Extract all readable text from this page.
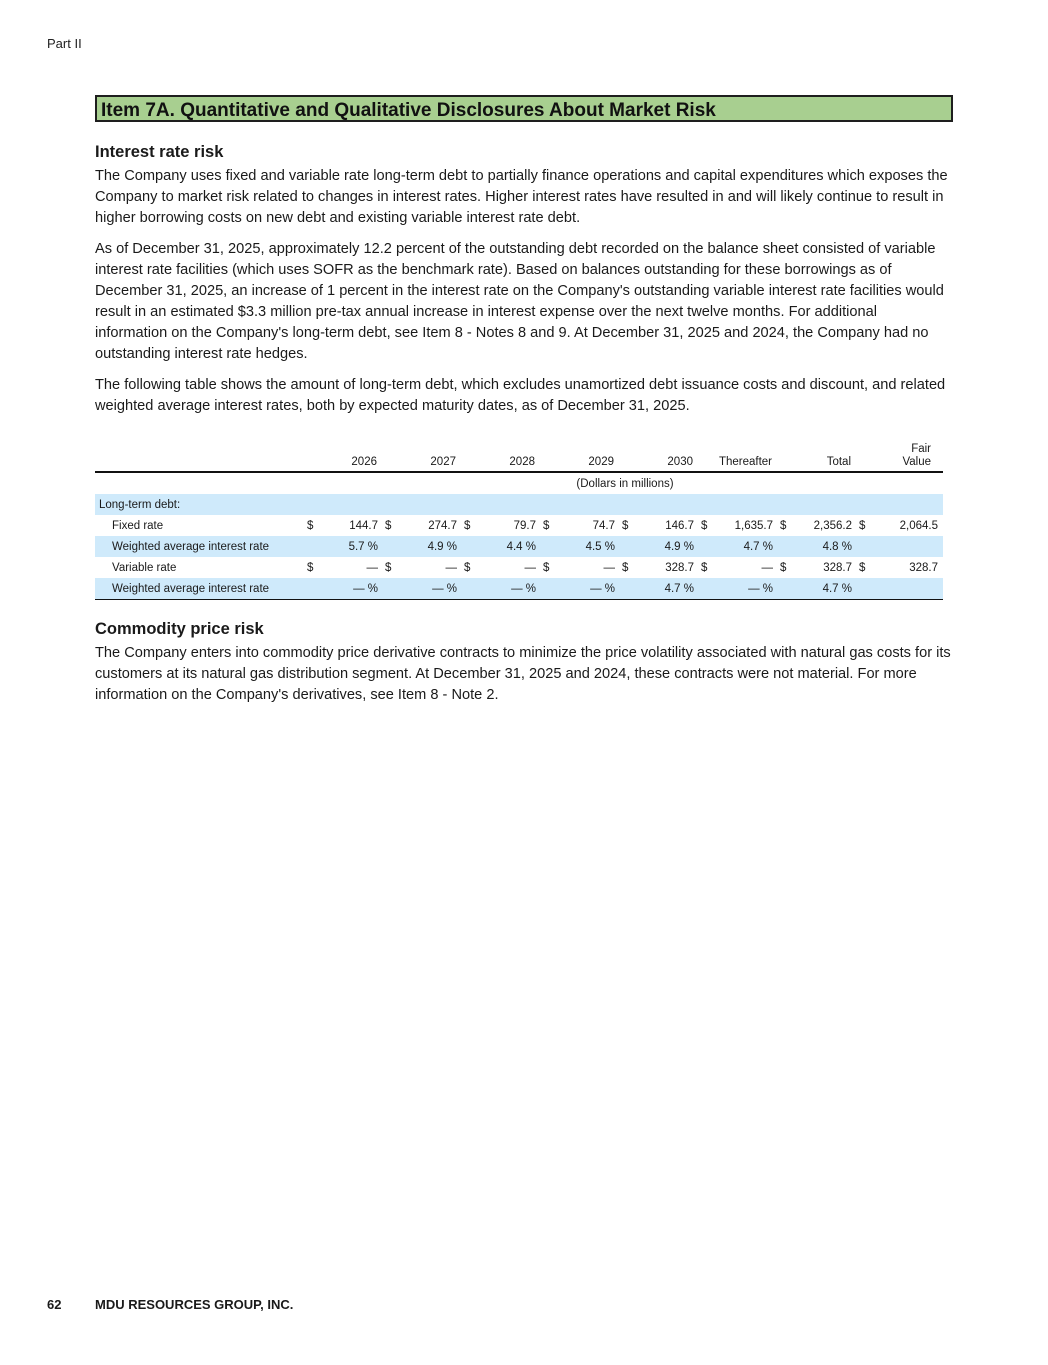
Part II
Item 7A. Quantitative and Qualitative Disclosures About Market Risk
Interest rate risk

The Company uses fixed and variable rate long-term debt to partially finance operations and capital expenditures which exposes the Company to market risk related to changes in interest rates. Higher interest rates have resulted in and will likely continue to result in higher borrowing costs on new debt and existing variable interest rate debt.

As of December 31, 2025, approximately 12.2 percent of the outstanding debt recorded on the balance sheet consisted of variable interest rate facilities (which uses SOFR as the benchmark rate). Based on balances outstanding for these borrowings as of December 31, 2025, an increase of 1 percent in the interest rate on the Company's outstanding variable interest rate facilities would result in an estimated $3.3 million pre-tax annual increase in interest expense over the next twelve months. For additional information on the Company's long-term debt, see Item 8 - Notes 8 and 9. At December 31, 2025 and 2024, the Company had no outstanding interest rate hedges.

The following table shows the amount of long-term debt, which excludes unamortized debt issuance costs and discount, and related weighted average interest rates, both by expected maturity dates, as of December 31, 2025.

	2026		2027		2028		2029		2030		Thereafter		Total		Fair
Value	
	(Dollars in millions)															
Long-term debt:																
Fixed rate	$	144.7	$	274.7	$	79.7	$	74.7	$	146.7	$	1,635.7	$	2,356.2	$	2,064.5
Weighted average interest rate	5.7 %		4.9 %		4.4 %		4.5 %		4.9 %		4.7 %		4.8 %			
Variable rate	$	—	$	—	$	—	$	—	$	328.7	$	—	$	328.7	$	328.7
Weighted average interest rate	— %		— %		— %		— %		4.7 %		— %		4.7 %			
Commodity price risk

The Company enters into commodity price derivative contracts to minimize the price volatility associated with natural gas costs for its customers at its natural gas distribution segment. At December 31, 2025 and 2024, these contracts were not material. For more information on the Company's derivatives, see Item 8 - Note 2.

62	MDU RESOURCES GROUP, INC.
